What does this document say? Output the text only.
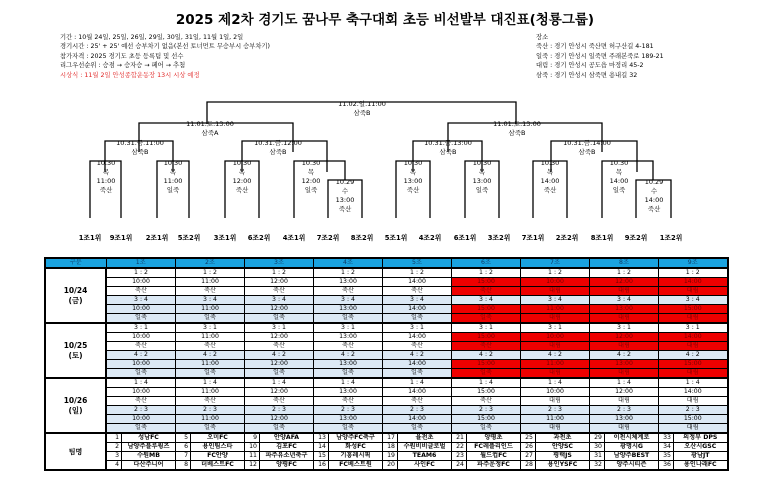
2025 제2차 경기도 꿈나무 축구대회 초등 비선발부 대진표(청룡그룹)
기간 : 10월 24일, 25일, 26일, 29일, 30일, 31일, 11월 1일, 2일
경기시간 : 25' + 25' 예선 승부차기 없음(본선 토너먼트 무승부시 승부차기)
참가자격 : 2025 경기도 초등 등록팀 및 선수
리그우선순위 : 승점 → 승자승 → 페어 → 추첨
시상식 : 11월 2일 안성종합운동장 13시 시상 예정
장소
죽산 : 경기 안성시 죽산면 허구산길 4-181
일죽 : 경기 안성시 일죽면 주래본죽로 189-21
대림 : 경기 안성시 공도읍 마정리 45-2
삼죽 : 경기 안성시 삼죽면 용내길 32
11.02.일.11:00
삼죽B
11.01.토.13:00
삼죽A
11.01.토.13:00
삼죽B
10.31.금.11:00
삼죽B
10.31.금.12:00
삼죽B
10.31.금.13:00
삼죽B
10.31.금.14:00
삼죽B
10.30
목
11:00
죽산
10.30
목
11:00
일죽
10.30
목
12:00
죽산
10.30
목
12:00
일죽
10.30
목
13:00
죽산
10.30
목
13:00
일죽
10.30
목
14:00
죽산
10.30
목
14:00
일죽
10.29
수
13:00
죽산
10.29
수
14:00
죽산
1조1위 9조1위 2조1위 5조2위 3조1위 6조2위 4조1위 7조2위 8조2위 5조1위 4조2위 6조1위 3조2위 7조1위 2조2위 8조1위 9조2위 1조2위
구분	1조		2조		3조		4조		5조		6조		7조		8조		9조	

10/24
(금)	1 : 2		1 : 2		1 : 2		1 : 2		1 : 2		1 : 2		1 : 2		1 : 2		1 : 2	
	10:00		11:00		12:00		13:00		14:00		15:00		10:00		12:00		14:00	
	죽산		죽산		죽산		죽산		죽산		죽산		대림		대림		대림	
	3 : 4		3 : 4		3 : 4		3 : 4		3 : 4		3 : 4		3 : 4		3 : 4		3 : 4	
	10:00		11:00		12:00		13:00		14:00		15:00		11:00		13:00		15:00	
	일죽		일죽		일죽		일죽		일죽		일죽		대림		대림		대림	

10/25
(토)	3 : 1		3 : 1		3 : 1		3 : 1		3 : 1		3 : 1		3 : 1		3 : 1		3 : 1	
	10:00		11:00		12:00		13:00		14:00		15:00		10:00		12:00		14:00	
	죽산		죽산		죽산		죽산		죽산		죽산		대림		대림		대림	
	4 : 2		4 : 2		4 : 2		4 : 2		4 : 2		4 : 2		4 : 2		4 : 2		4 : 2	
	10:00		11:00		12:00		13:00		14:00		15:00		11:00		13:00		15:00	
	일죽		일죽		일죽		일죽		일죽		일죽		대림		대림		대림	

10/26
(일)	1 : 4		1 : 4		1 : 4		1 : 4		1 : 4		1 : 4		1 : 4		1 : 4		1 : 4	
	10:00		11:00		12:00		13:00		14:00		15:00		10:00		12:00		14:00	
	죽산		죽산		죽산		죽산		죽산		죽산		대림		대림		대림	
	2 : 3		2 : 3		2 : 3		2 : 3		2 : 3		2 : 3		2 : 3		2 : 3		2 : 3	
	10:00		11:00		12:00		13:00		14:00		15:00		11:00		13:00		15:00	
	일죽		일죽		일죽		일죽		일죽		일죽		대림		대림		대림	
팀명	1	성남FC	5	오미FC	9	안양AFA	13	남양주FC축구	17	율전초	21	양평초	25	과천초	29	이천시체계로	33	의정부 DPS
	2	남양주블루윙즈	6	용인팀스타	10	김포FC	14	화성FC	18	수원비비글로벌	22	FC레플리인드	26	안양SC	30	광명시G	34	오산시GSC
	3	수원MB	7	FC안양	11	파주유소년축구	15	기흥레시픽	19	TEAM6	23	월드컵FC	27	평택JS	31	남양주BEST	35	광남JT
	4	다산주니어	8	더베스트FC	12	양평FC	16	FC베스트원	20	사인FC	24	파주운정FC	28	용인YSFC	32	양주시티즌	36	용인나래FC
